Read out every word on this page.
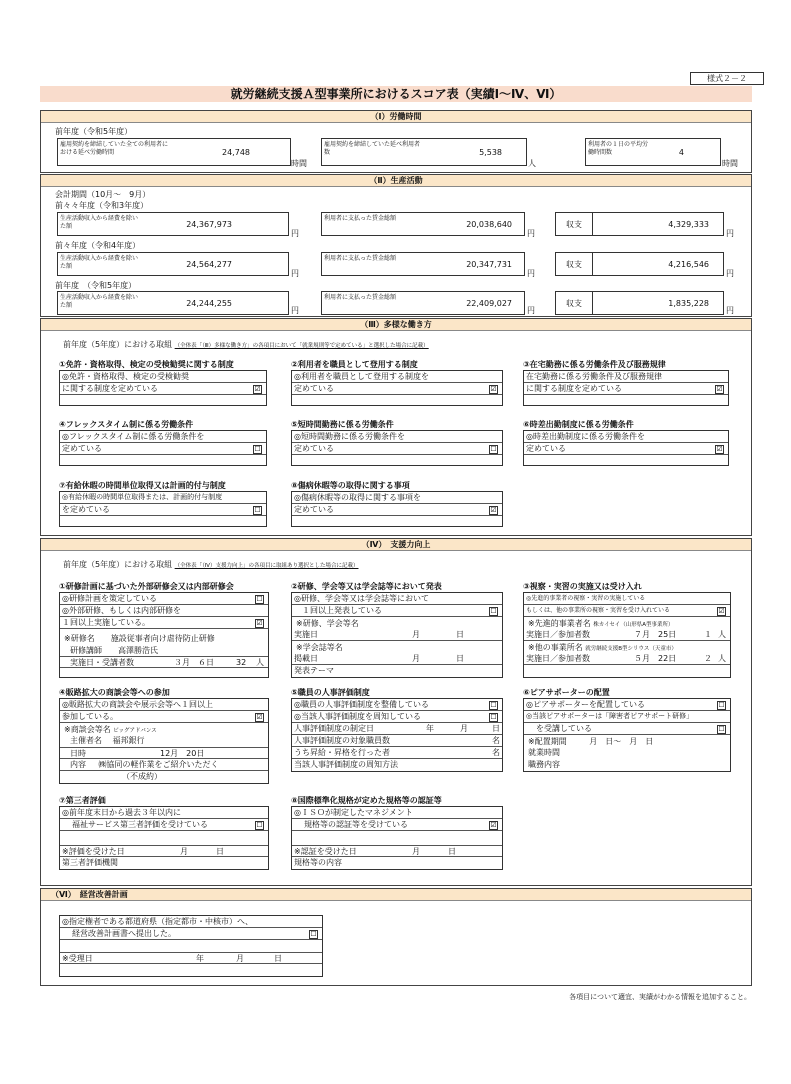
様式２－２
就労継続支援Ａ型事業所におけるスコア表（実績Ⅰ～Ⅳ、Ⅵ）
（Ⅰ）労働時間
前年度（令和5年度）
雇用契約を締結していた全ての利用者における延べ労働時間	24,748
時間
雇用契約を締結していた延べ利用者数	5,538
人
利用者の１日の平均労働時間数	4
時間
（Ⅱ）生産活動
会計期間（10月～　9月）
前々々年度（令和3年度）
生産活動収入から経費を除いた額	24,367,973
円
利用者に支払った賃金総額
20,038,640
円
収支	4,329,333
円
前々年度（令和4年度）
生産活動収入から経費を除いた額	24,564,277
円
利用者に支払った賃金総額
20,347,731
円
収支	4,216,546
円
前年度　（令和5年度）
生産活動収入から経費を除いた額	24,244,255
円
利用者に支払った賃金総額
22,409,027
円
収支	1,835,228
円
（Ⅲ）多様な働き方
前年度（5年度）における取組 （全体表「（Ⅲ）多様な働き方」の各項目において「就業規則等で定めている」と選択した場合に記載）
①免許・資格取得、検定の受検勧奨に関する制度
◎免許・資格取得、検定の受検勧奨
に関する制度を定めている	☑
②利用者を職員として登用する制度
◎利用者を職員として登用する制度を
定めている	☑
③在宅勤務に係る労働条件及び服務規律
在宅勤務に係る労働条件及び服務規律
に関する制度を定めている	☑
④フレックスタイム制に係る労働条件
◎フレックスタイム制に係る労働条件を
定めている	☐
⑤短時間勤務に係る労働条件
◎短時間勤務に係る労働条件を
定めている	☐
⑥時差出勤制度に係る労働条件
◎時差出勤制度に係る労働条件を
定めている	☑
⑦有給休暇の時間単位取得又は計画的付与制度
◎有給休暇の時間単位取得または、計画的付与制度
を定めている	☐
⑧傷病休暇等の取得に関する事項
◎傷病休暇等の取得に関する事項を
定めている	☑
（Ⅳ）　支援力向上
前年度（5年度）における取組 （全体表「（Ⅳ）支援力向上」の各項目に取組あり選択とした場合に記載）
①研修計画に基づいた外部研修会又は内部研修会
◎研修計画を策定している	☐
◎外部研修、もしくは内部研修を
１回以上実施している。	☑
※研修名　　施設従事者向け虐待防止研修
研修講師　　高澤勝浩氏
実施日・受講者数	３月　６日	32 人
②研修、学会等又は学会誌等において発表
◎研修、学会等又は学会誌等において
１回以上発表している	☐
※研修、学会等名
実施日	月	日
※学会誌等名
掲載日	月	日
発表テーマ
③視察・実習の実施又は受け入れ
◎先進的事業者の視察・実習の実施している
もしくは、他の事業所の視察・実習を受け入れている	☑
※先進的事業者名 株カイセイ（山形県A型事業所）
実施日／参加者数	７月　25日	１ 人
※他の事業所名 就労継続支援B型シリウス（天童市）
実施日／参加者数	５月　22日	２ 人
④販路拡大の商談会等への参加
◎販路拡大の商談会や展示会等へ１回以上
参加している。	☑
※商談会等名 ビッグアドバンス
主催者名 福邦銀行
日時	12月　20日
内容 ㈱協同の軽作業をご紹介いただく
（不成約）
⑤職員の人事評価制度
◎職員の人事評価制度を整備している	☐
◎当該人事評価制度を周知している	☐
人事評価制度の制定日	年	月	日
人事評価制度の対象職員数	名
うち昇給・昇格を行った者	名
当該人事評価制度の周知方法
⑥ピアサポーターの配置
◎ピアサポーターを配置している	☐
◎当該ピアサポーターは「障害者ピアサポート研修」
を受講している	☐
※配置期間	月　日～　月　日
就業時間
職務内容
⑦第三者評価
◎前年度末日から過去３年以内に
福祉サービス第三者評価を受けている	☐
※評価を受けた日	月	日
第三者評価機関
⑧国際標準化規格が定めた規格等の認証等
◎ＩＳＯが制定したマネジメント
規格等の認証等を受けている	☑
※認証を受けた日	月	日
規格等の内容
（Ⅵ）　経営改善計画
◎指定権者である都道府県（指定都市・中核市）へ、
経営改善計画書へ提出した。	☐
※受理日	年	月	日
各項目について適宜、実績がわかる情報を追加すること。
